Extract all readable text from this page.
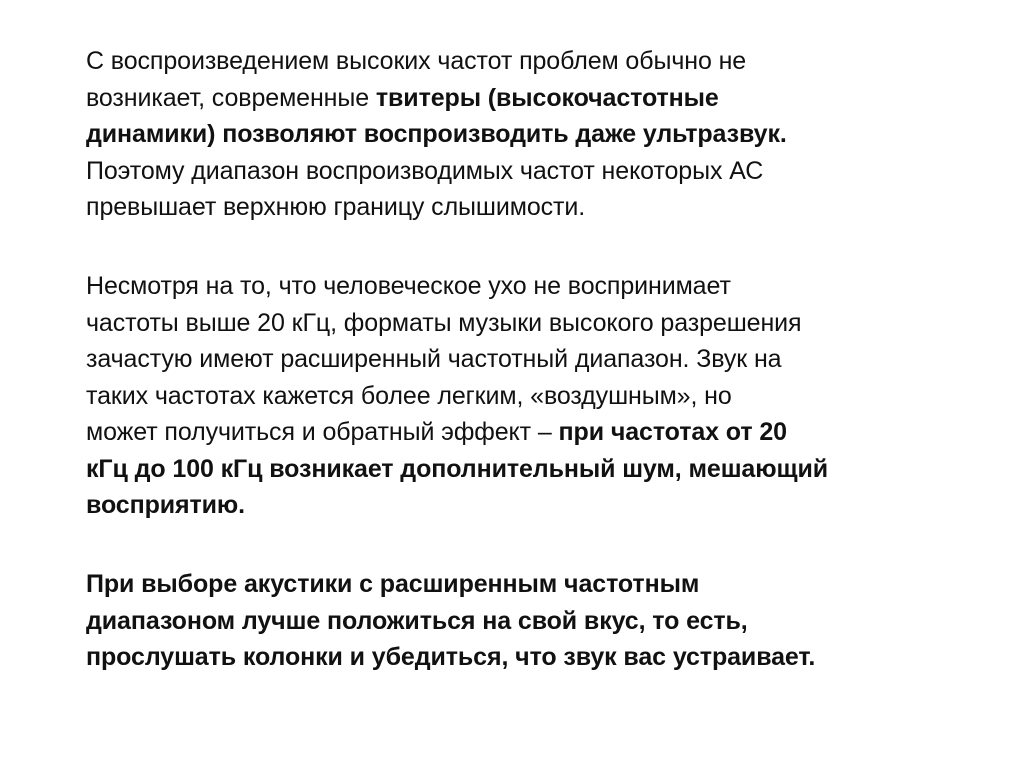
С воспроизведением высоких частот проблем обычно не
возникает, современные твитеры (высокочастотные
динамики) позволяют воспроизводить даже ультразвук.
Поэтому диапазон воспроизводимых частот некоторых АС
превышает верхнюю границу слышимости.
Несмотря на то, что человеческое ухо не воспринимает
частоты выше 20 кГц, форматы музыки высокого разрешения
зачастую имеют расширенный частотный диапазон. Звук на
таких частотах кажется более легким, «воздушным», но
может получиться и обратный эффект – при частотах от 20
кГц до 100 кГц возникает дополнительный шум, мешающий
восприятию.
При выборе акустики с расширенным частотным
диапазоном лучше положиться на свой вкус, то есть,
прослушать колонки и убедиться, что звук вас устраивает.
